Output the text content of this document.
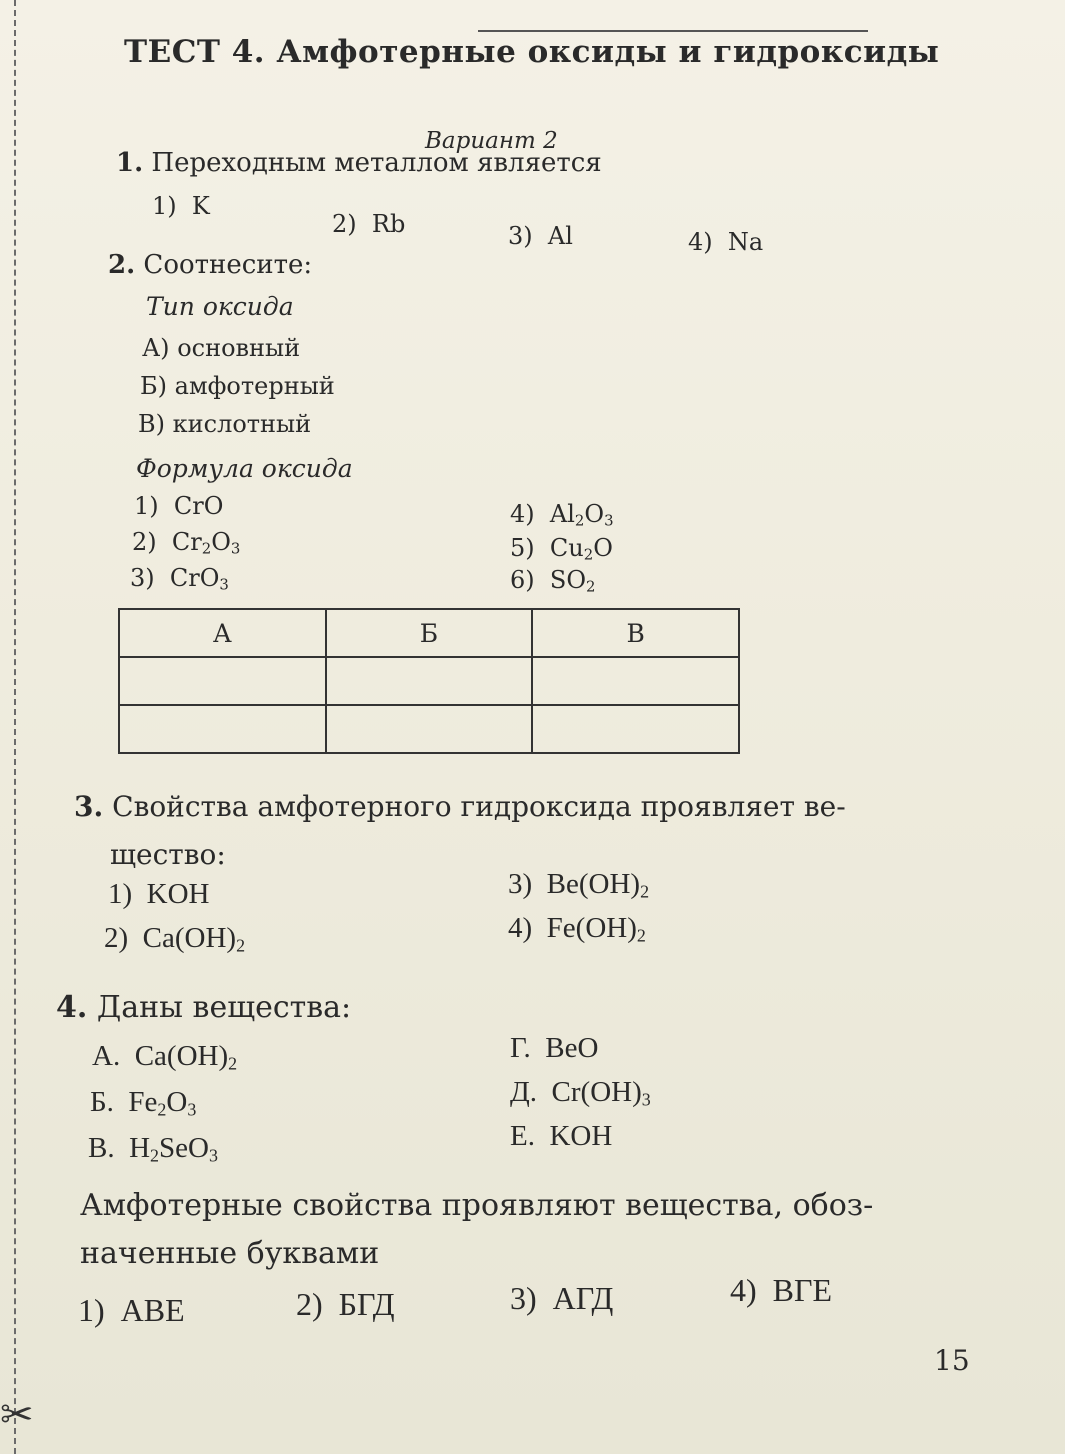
✂
ТЕСТ 4. Амфотерные оксиды и гидроксиды
Вариант 2
1. Переходным металлом является
1) K
2) Rb	3) Al	4) Na
2. Соотнесите:
Тип оксида
А) основный
Б) амфотерный
В) кислотный
Формула оксида
1)  CrO
2)  $Cr_2O_3$
3)  CrO$_3$
4)  $Al_2O_3$
5)  $Cu_2O$
6)  $SO_2$
А	Б	В

3. Свойства амфотерного гидроксида проявляет ве-
щество:
1)  KOH
2)  $Ca(OH)_2$
3)  $Be(OH)_2$
4)  $Fe(OH)_2$
4. Даны вещества:
А.  $Ca(OH)_2$
Б.  $Fe_2O_3$
В.  $H_2SeO_3$
Г. BeO
Д.  $Cr(OH)_3$
Е. KOH
Амфотерные свойства проявляют вещества, обоз-
наченные буквами
1) АВЕ	2) БГД	3) АГД	4) ВГЕ
15
